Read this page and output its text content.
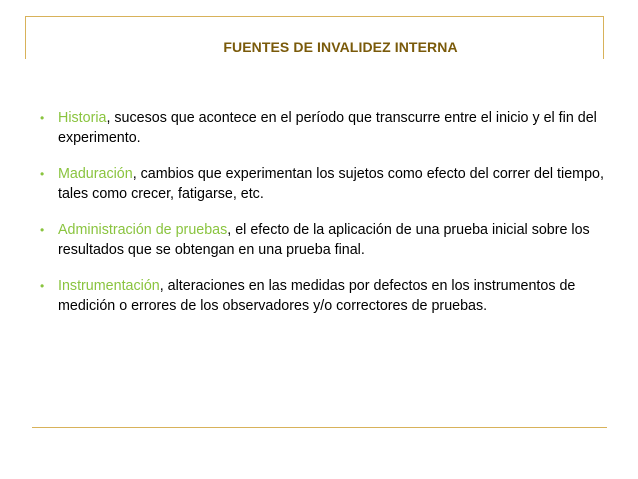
FUENTES DE INVALIDEZ INTERNA
• Historia, sucesos que acontece en el período que transcurre entre el inicio y el fin del experimento.
• Maduración, cambios que experimentan los sujetos como efecto del correr del tiempo, tales como crecer, fatigarse, etc.
• Administración de pruebas, el efecto de la aplicación de una prueba inicial sobre los resultados que se obtengan en una prueba final.
• Instrumentación, alteraciones en las medidas por defectos en los instrumentos de medición o errores de los observadores y/o correctores de pruebas.
